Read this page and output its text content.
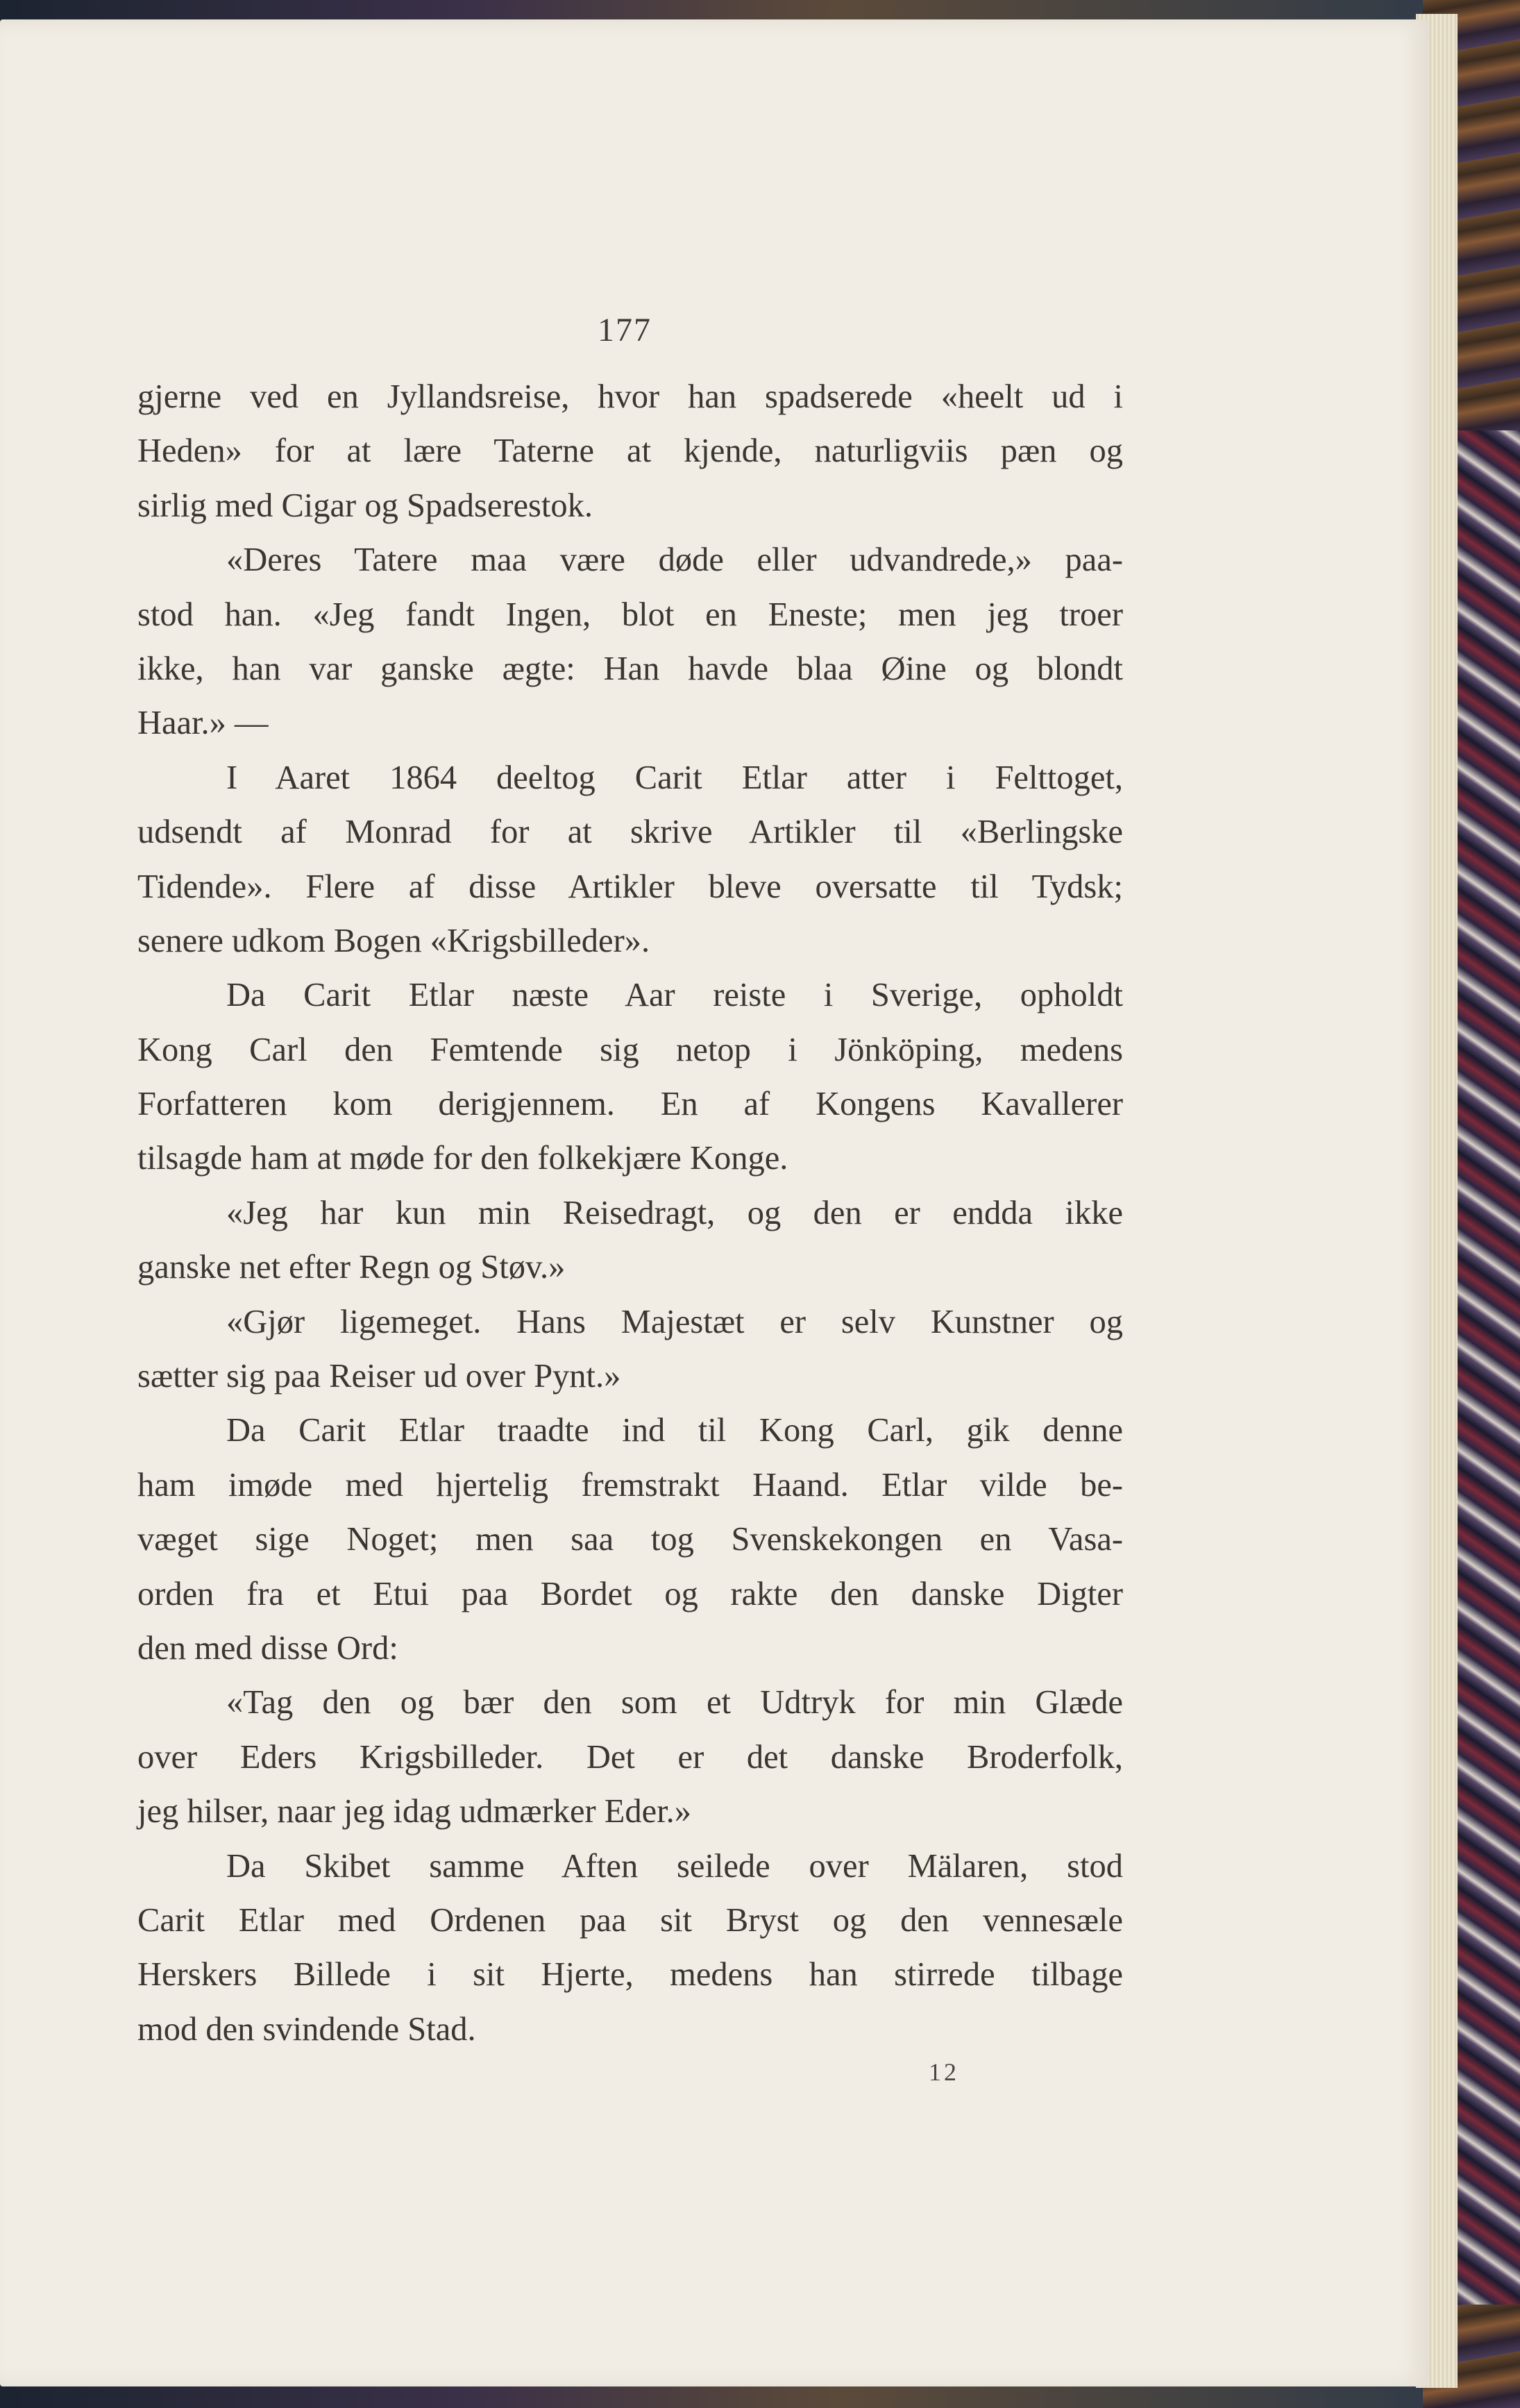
177
gjerne ved en Jyllandsreise, hvor han spadserede «heelt ud i
Heden» for at lære Taterne at kjende, naturligviis pæn og
sirlig med Cigar og Spadserestok.
«Deres Tatere maa være døde eller udvandrede,» paa-
stod han. «Jeg fandt Ingen, blot en Eneste; men jeg troer
ikke, han var ganske ægte: Han havde blaa Øine og blondt
Haar.» —
I Aaret 1864 deeltog Carit Etlar atter i Felttoget,
udsendt af Monrad for at skrive Artikler til «Berlingske
Tidende». Flere af disse Artikler bleve oversatte til Tydsk;
senere udkom Bogen «Krigsbilleder».
Da Carit Etlar næste Aar reiste i Sverige, opholdt
Kong Carl den Femtende sig netop i Jönköping, medens
Forfatteren kom derigjennem. En af Kongens Kavallerer
tilsagde ham at møde for den folkekjære Konge.
«Jeg har kun min Reisedragt, og den er endda ikke
ganske net efter Regn og Støv.»
«Gjør ligemeget. Hans Majestæt er selv Kunstner og
sætter sig paa Reiser ud over Pynt.»
Da Carit Etlar traadte ind til Kong Carl, gik denne
ham imøde med hjertelig fremstrakt Haand. Etlar vilde be-
væget sige Noget; men saa tog Svenskekongen en Vasa-
orden fra et Etui paa Bordet og rakte den danske Digter
den med disse Ord:
«Tag den og bær den som et Udtryk for min Glæde
over Eders Krigsbilleder. Det er det danske Broderfolk,
jeg hilser, naar jeg idag udmærker Eder.»
Da Skibet samme Aften seilede over Mälaren, stod
Carit Etlar med Ordenen paa sit Bryst og den vennesæle
Herskers Billede i sit Hjerte, medens han stirrede tilbage
mod den svindende Stad.
12
